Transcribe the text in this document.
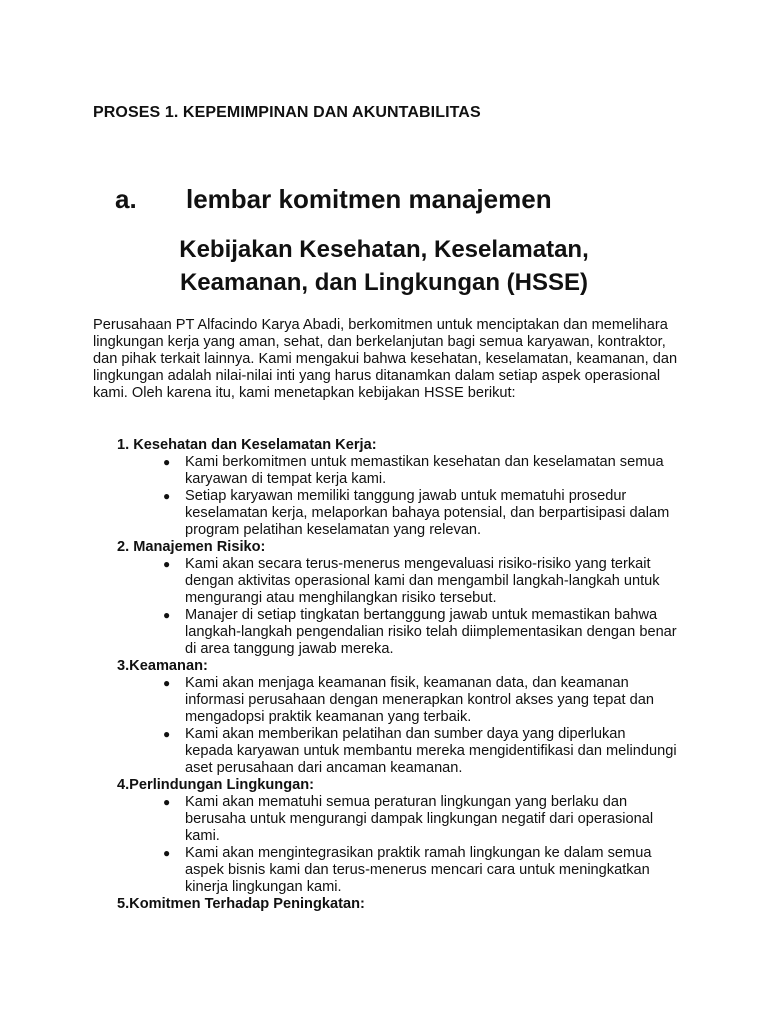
PROSES 1. KEPEMIMPINAN DAN AKUNTABILITAS

a. lembar komitmen manajemen

Kebijakan Kesehatan, Keselamatan,
Keamanan, dan Lingkungan (HSSE)

Perusahaan PT Alfacindo Karya Abadi, berkomitmen untuk menciptakan dan memelihara lingkungan kerja yang aman, sehat, dan berkelanjutan bagi semua karyawan, kontraktor, dan pihak terkait lainnya. Kami mengakui bahwa kesehatan, keselamatan, keamanan, dan lingkungan adalah nilai-nilai inti yang harus ditanamkan dalam setiap aspek operasional kami. Oleh karena itu, kami menetapkan kebijakan HSSE berikut:

1. Kesehatan dan Keselamatan Kerja:

● Kami berkomitmen untuk memastikan kesehatan dan keselamatan semua karyawan di tempat kerja kami.
● Setiap karyawan memiliki tanggung jawab untuk mematuhi prosedur keselamatan kerja, melaporkan bahaya potensial, dan berpartisipasi dalam program pelatihan keselamatan yang relevan.

2. Manajemen Risiko:

● Kami akan secara terus-menerus mengevaluasi risiko-risiko yang terkait dengan aktivitas operasional kami dan mengambil langkah-langkah untuk mengurangi atau menghilangkan risiko tersebut.
● Manajer di setiap tingkatan bertanggung jawab untuk memastikan bahwa langkah-langkah pengendalian risiko telah diimplementasikan dengan benar di area tanggung jawab mereka.

3.Keamanan:

● Kami akan menjaga keamanan fisik, keamanan data, dan keamanan informasi perusahaan dengan menerapkan kontrol akses yang tepat dan mengadopsi praktik keamanan yang terbaik.
● Kami akan memberikan pelatihan dan sumber daya yang diperlukan kepada karyawan untuk membantu mereka mengidentifikasi dan melindungi aset perusahaan dari ancaman keamanan.

4.Perlindungan Lingkungan:

● Kami akan mematuhi semua peraturan lingkungan yang berlaku dan berusaha untuk mengurangi dampak lingkungan negatif dari operasional kami.
● Kami akan mengintegrasikan praktik ramah lingkungan ke dalam semua aspek bisnis kami dan terus-menerus mencari cara untuk meningkatkan kinerja lingkungan kami.

5.Komitmen Terhadap Peningkatan:
